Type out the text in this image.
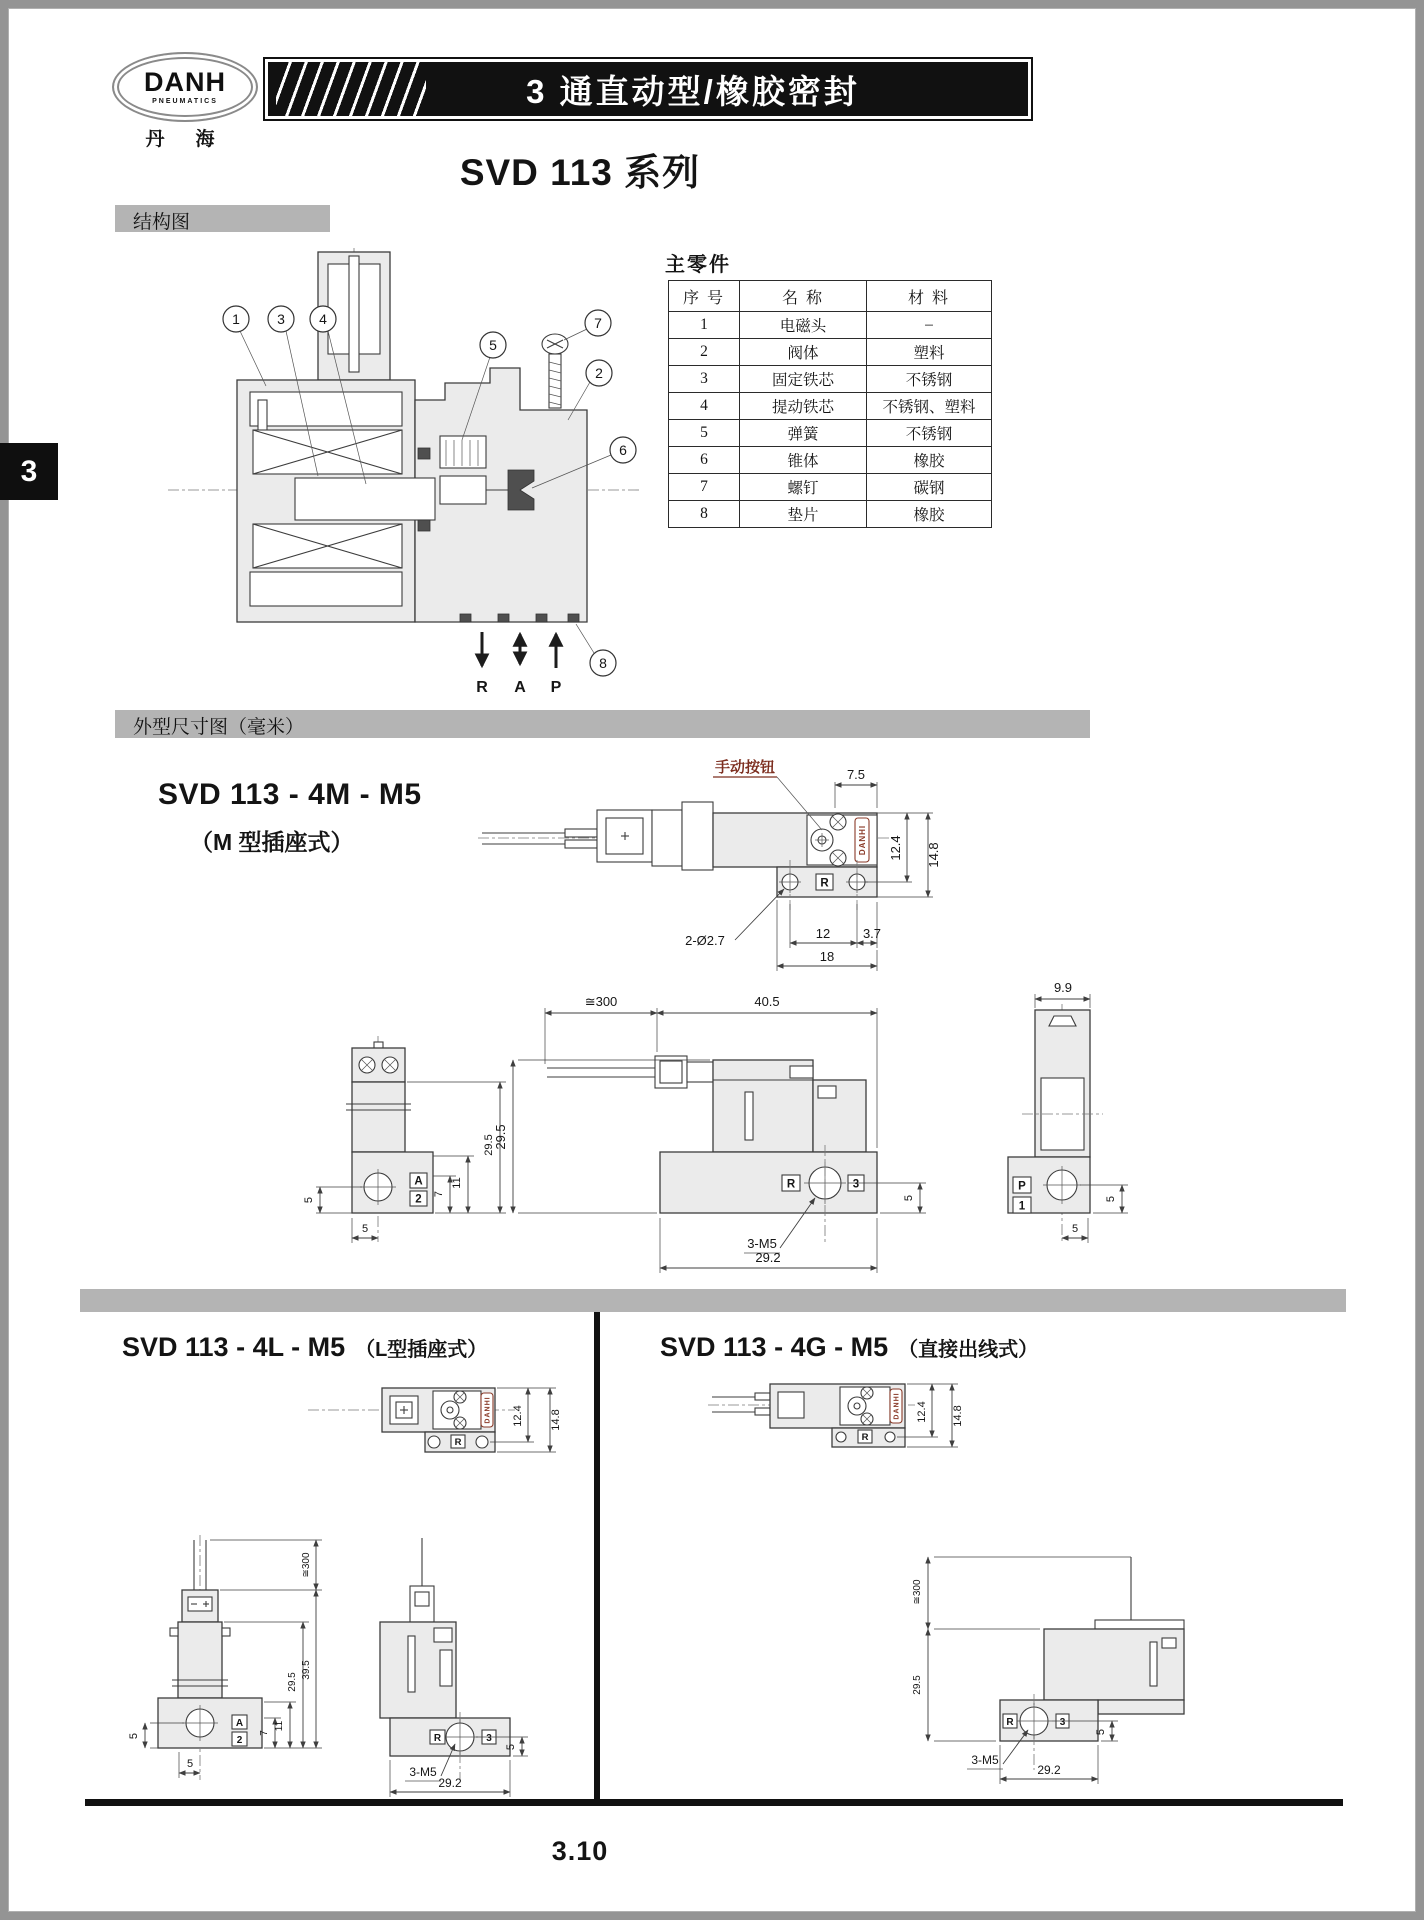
DANH
PNEUMATICS
丹　海
3 通直动型/橡胶密封
SVD 113 系列
结构图
3
R A P
1	3 4
5
7
2
6
8
主零件
序 号	名 称	材 料
1	电磁头	–
2	阀体	塑料
3	固定铁芯	不锈钢
4	提动铁芯	不锈钢、塑料
5	弹簧	不锈钢
6	锥体	橡胶
7	螺钉	碳钢
8	垫片	橡胶
外型尺寸图（毫米）
SVD 113 - 4M - M5
（M 型插座式）	DANHI
R
手动按钮	7.5
12.4 14.8
2-Ø2.7	12	3.7
18
A
2
5
5
7
11
29.5
≅300	40.5
R	3
29.5
3-M5
29.2
5
9.9
P
1
5
5
SVD 113 - 4L - M5 （L型插座式）	SVD 113 - 4G - M5 （直接出线式）
DANHI
R
12.4 14.8
DANHI
R
12.4 14.8
A
2
5
5
7
11
29.5
≅300
39.5
R	3
5
3-M5
29.2
≅300
29.5
R	3
5
3-M5
29.2
3.10
